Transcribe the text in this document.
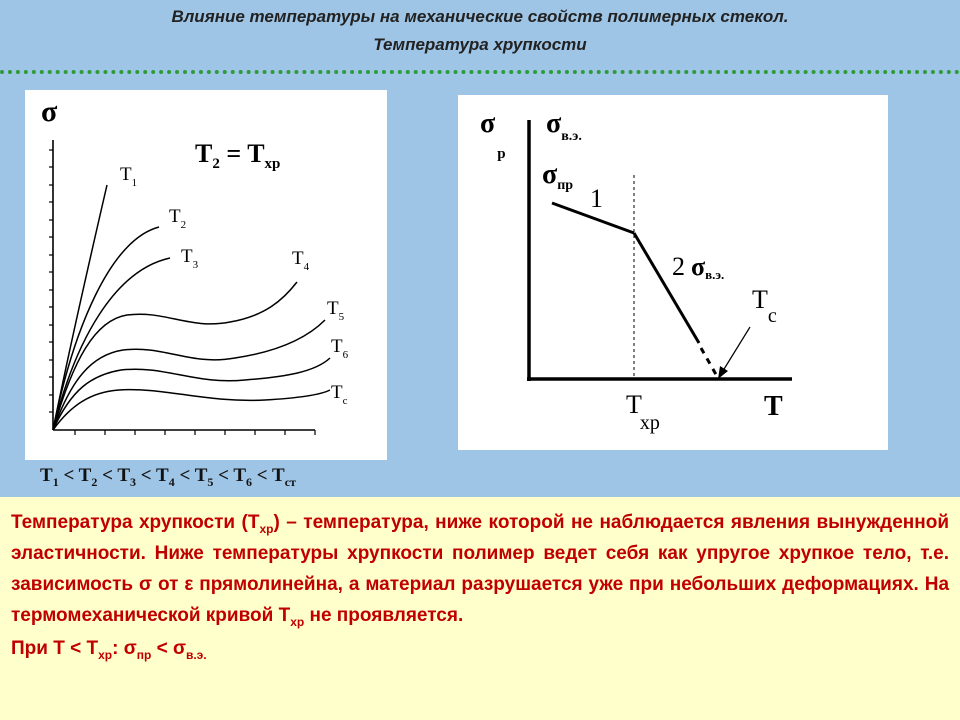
Влияние температуры на механические свойств полимерных стекол.
Температура хрупкости
σ
$T_2 = T_{хр}$
$T_1$
$T_2$
$T_3$	$T_4$
$T_5$
$T_6$
$T_c$
$\sigma_р$
$\sigma_{в.э.}$
$\sigma_{пр}$ 1
2 σв.э.
$T_c$
T хр
T
$T_1 < T_2 < T_3 < T_4 < T_5 < T_6 < T_{ст}$

Температура хрупкости $(Т_{хр})$ – температура, ниже которой не наблюдается явления вынужденной эластичности. Ниже температуры хрупкости полимер ведет себя как упругое хрупкое тело, т.е. зависимость σ от ε прямолинейна, а материал разрушается уже при небольших деформациях. На термомеханической кривой $Т_{хр}$ не проявляется.

При $Т < Т_{хр}$: $\sigma_{пр} < \sigma_{в.э.}$
